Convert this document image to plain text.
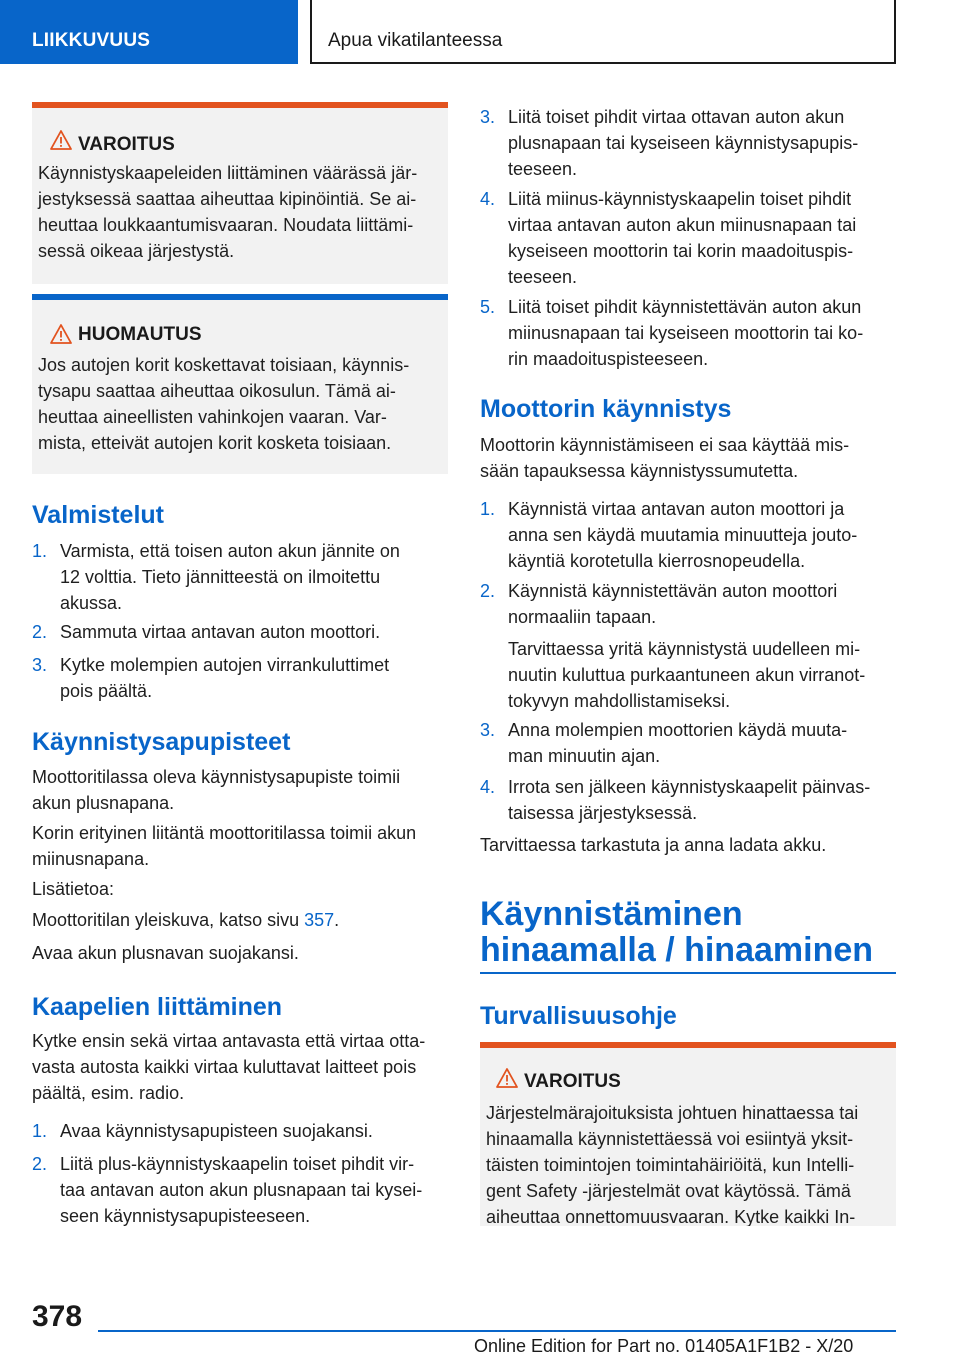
LIIKKUVUUS	Apua vikatilanteessa
VAROITUS
Käynnistyskaapeleiden liittäminen väärässä jär-
jestyksessä saattaa aiheuttaa kipinöintiä. Se ai-
heuttaa loukkaantumisvaaran. Noudata liittämi-
sessä oikeaa järjestystä.
HUOMAUTUS
Jos autojen korit koskettavat toisiaan, käynnis-
tysapu saattaa aiheuttaa oikosulun. Tämä ai-
heuttaa aineellisten vahinkojen vaaran. Var-
mista, etteivät autojen korit kosketa toisiaan.
Valmistelut
1. Varmista, että toisen auton akun jännite on
12 volttia. Tieto jännitteestä on ilmoitettu
akussa.
2. Sammuta virtaa antavan auton moottori.
3. Kytke molempien autojen virrankuluttimet
pois päältä.
Käynnistysapupisteet
Moottoritilassa oleva käynnistysapupiste toimii
akun plusnapana.
Korin erityinen liitäntä moottoritilassa toimii akun
miinusnapana.
Lisätietoa:
Moottoritilan yleiskuva, katso sivu 357.
Avaa akun plusnavan suojakansi.
Kaapelien liittäminen
Kytke ensin sekä virtaa antavasta että virtaa otta-
vasta autosta kaikki virtaa kuluttavat laitteet pois
päältä, esim. radio.
1. Avaa käynnistysapupisteen suojakansi.
2. Liitä plus-käynnistyskaapelin toiset pihdit vir-
taa antavan auton akun plusnapaan tai kysei-
seen käynnistysapupisteeseen.
3. Liitä toiset pihdit virtaa ottavan auton akun
plusnapaan tai kyseiseen käynnistysapupis-
teeseen.
4. Liitä miinus-käynnistyskaapelin toiset pihdit
virtaa antavan auton akun miinusnapaan tai
kyseiseen moottorin tai korin maadoituspis-
teeseen.
5. Liitä toiset pihdit käynnistettävän auton akun
miinusnapaan tai kyseiseen moottorin tai ko-
rin maadoituspisteeseen.
Moottorin käynnistys
Moottorin käynnistämiseen ei saa käyttää mis-
sään tapauksessa käynnistyssumutetta.
1. Käynnistä virtaa antavan auton moottori ja
anna sen käydä muutamia minuutteja jouto-
käyntiä korotetulla kierrosnopeudella.
2. Käynnistä käynnistettävän auton moottori
normaaliin tapaan.
Tarvittaessa yritä käynnistystä uudelleen mi-
nuutin kuluttua purkaantuneen akun virranot-
tokyvyn mahdollistamiseksi.
3. Anna molempien moottorien käydä muuta-
man minuutin ajan.
4. Irrota sen jälkeen käynnistyskaapelit päinvas-
taisessa järjestyksessä.
Tarvittaessa tarkastuta ja anna ladata akku.
Käynnistäminen
hinaamalla / hinaaminen
Turvallisuusohje
VAROITUS
Järjestelmärajoituksista johtuen hinattaessa tai
hinaamalla käynnistettäessä voi esiintyä yksit-
täisten toimintojen toimintahäiriöitä, kun Intelli-
gent Safety -järjestelmät ovat käytössä. Tämä
aiheuttaa onnettomuusvaaran. Kytke kaikki In-
378
Online Edition for Part no. 01405A1F1B2 - X/20
